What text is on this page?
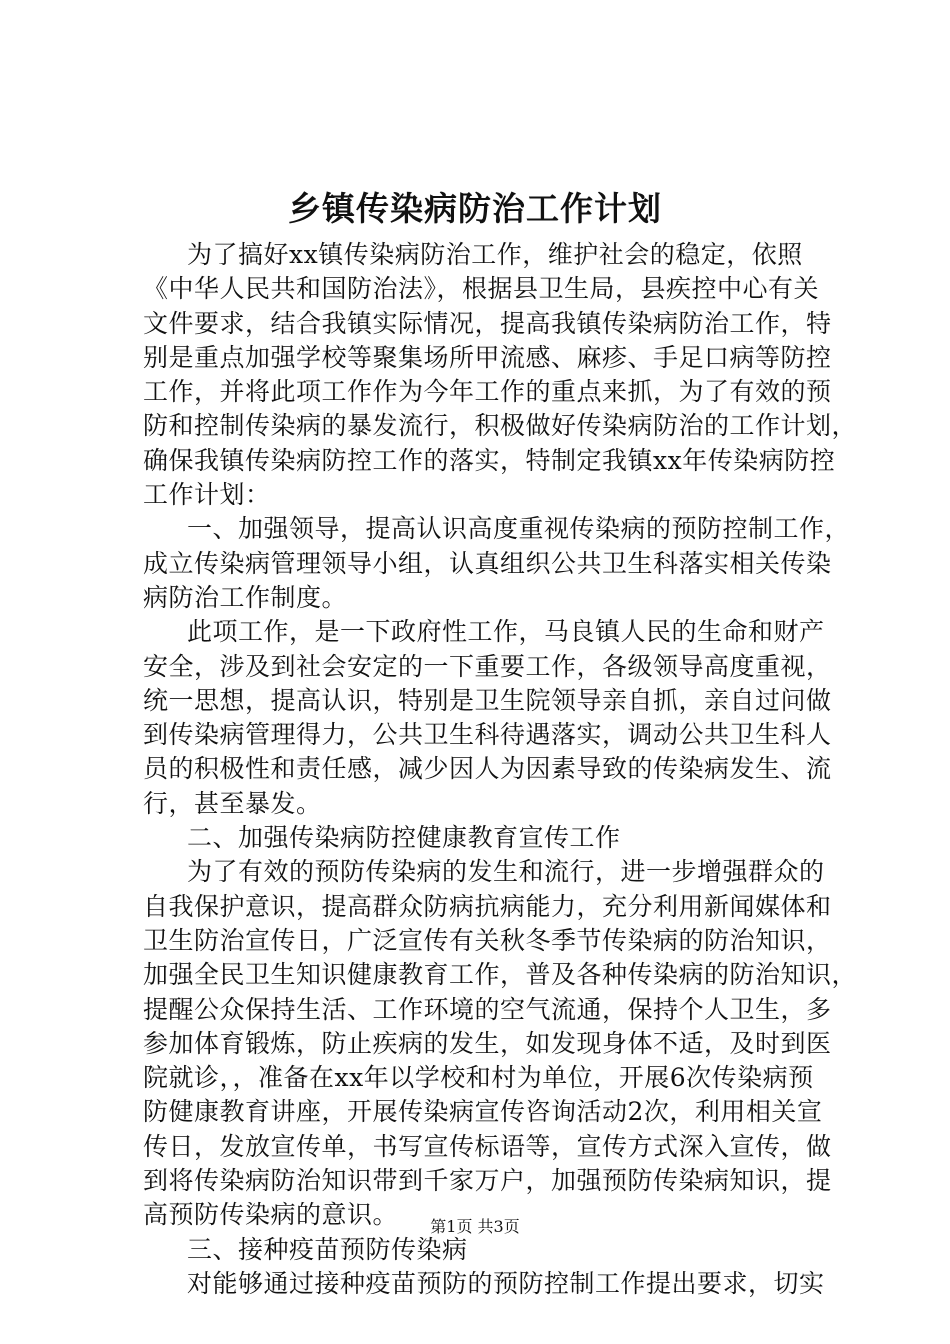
乡镇传染病防治工作计划
为了搞好xx镇传染病防治工作，维护社会的稳定，依照
《中华人民共和国防治法》，根据县卫生局，县疾控中心有关
文件要求，结合我镇实际情况，提高我镇传染病防治工作，特
别是重点加强学校等聚集场所甲流感、麻疹、手足口病等防控
工作，并将此项工作作为今年工作的重点来抓，为了有效的预
防和控制传染病的暴发流行，积极做好传染病防治的工作计划，
确保我镇传染病防控工作的落实，特制定我镇xx年传染病防控
工作计划：
一、加强领导，提高认识高度重视传染病的预防控制工作，
成立传染病管理领导小组，认真组织公共卫生科落实相关传染
病防治工作制度。
此项工作，是一下政府性工作，马良镇人民的生命和财产
安全，涉及到社会安定的一下重要工作，各级领导高度重视，
统一思想，提高认识，特别是卫生院领导亲自抓，亲自过问做
到传染病管理得力，公共卫生科待遇落实，调动公共卫生科人
员的积极性和责任感，减少因人为因素导致的传染病发生、流
行，甚至暴发。
二、加强传染病防控健康教育宣传工作
为了有效的预防传染病的发生和流行，进一步增强群众的
自我保护意识，提高群众防病抗病能力，充分利用新闻媒体和
卫生防治宣传日，广泛宣传有关秋冬季节传染病的防治知识，
加强全民卫生知识健康教育工作，普及各种传染病的防治知识，
提醒公众保持生活、工作环境的空气流通，保持个人卫生，多
参加体育锻炼，防止疾病的发生，如发现身体不适，及时到医
院就诊，，准备在xx年以学校和村为单位，开展6次传染病预
防健康教育讲座，开展传染病宣传咨询活动2次，利用相关宣
传日，发放宣传单，书写宣传标语等，宣传方式深入宣传，做
到将传染病防治知识带到千家万户，加强预防传染病知识，提
高预防传染病的意识。
三、接种疫苗预防传染病
对能够通过接种疫苗预防的预防控制工作提出要求，切实
第1页 共3页
